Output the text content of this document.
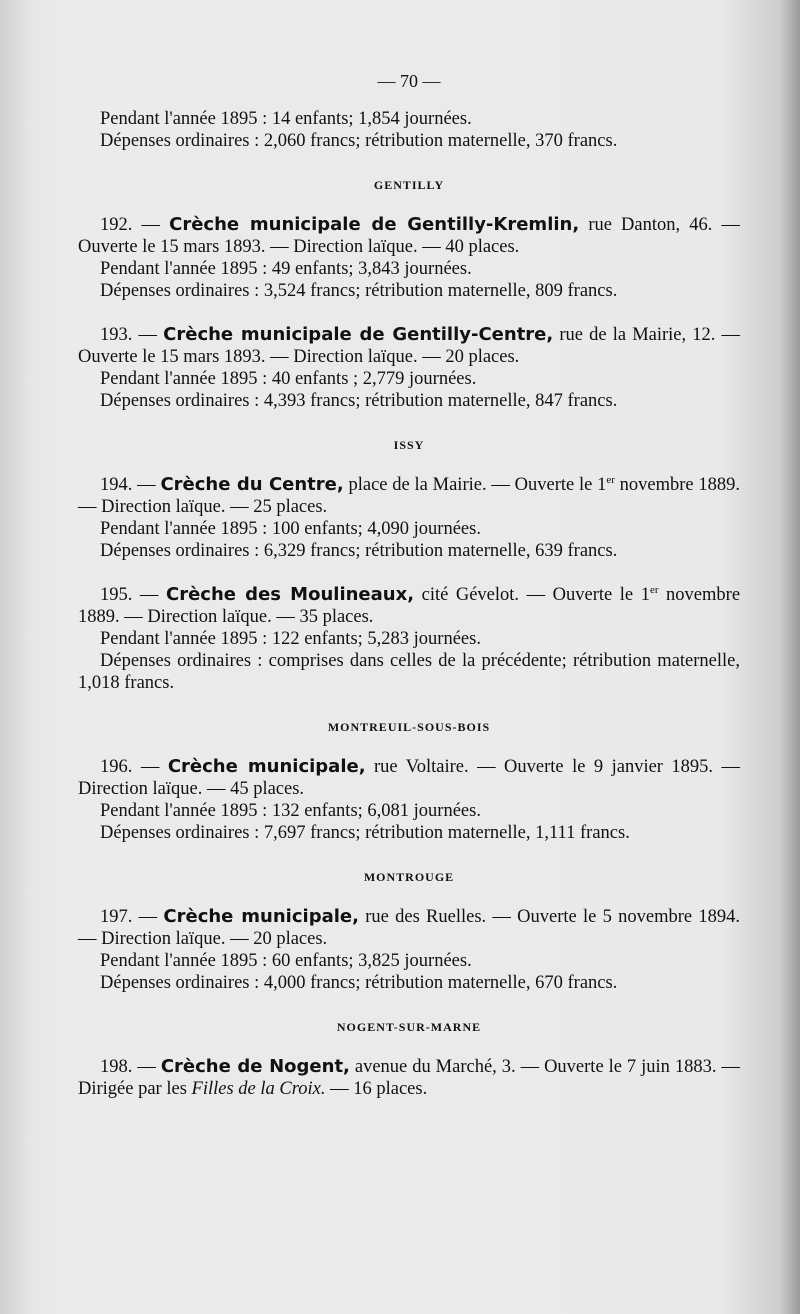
— 70 —

Pendant l'année 1895 : 14 enfants; 1,854 journées.

Dépenses ordinaires : 2,060 francs; rétribution maternelle, 370 francs.

GENTILLY

192. — Crèche municipale de Gentilly-Kremlin, rue Danton, 46. — Ouverte le 15 mars 1893. — Direction laïque. — 40 places.

Pendant l'année 1895 : 49 enfants; 3,843 journées.

Dépenses ordinaires : 3,524 francs; rétribution maternelle, 809 francs.

193. — Crèche municipale de Gentilly-Centre, rue de la Mairie, 12. — Ouverte le 15 mars 1893. — Direction laïque. — 20 places.

Pendant l'année 1895 : 40 enfants ; 2,779 journées.

Dépenses ordinaires : 4,393 francs; rétribution maternelle, 847 francs.

ISSY

194. — Crèche du Centre, place de la Mairie. — Ouverte le 1er novembre 1889. — Direction laïque. — 25 places.

Pendant l'année 1895 : 100 enfants; 4,090 journées.

Dépenses ordinaires : 6,329 francs; rétribution maternelle, 639 francs.

195. — Crèche des Moulineaux, cité Gévelot. — Ouverte le 1er novembre 1889. — Direction laïque. — 35 places.

Pendant l'année 1895 : 122 enfants; 5,283 journées.

Dépenses ordinaires : comprises dans celles de la précédente; rétribution maternelle, 1,018 francs.

MONTREUIL-SOUS-BOIS

196. — Crèche municipale, rue Voltaire. — Ouverte le 9 janvier 1895. — Direction laïque. — 45 places.

Pendant l'année 1895 : 132 enfants; 6,081 journées.

Dépenses ordinaires : 7,697 francs; rétribution maternelle, 1,111 francs.

MONTROUGE

197. — Crèche municipale, rue des Ruelles. — Ouverte le 5 novembre 1894. — Direction laïque. — 20 places.

Pendant l'année 1895 : 60 enfants; 3,825 journées.

Dépenses ordinaires : 4,000 francs; rétribution maternelle, 670 francs.

NOGENT-SUR-MARNE

198. — Crèche de Nogent, avenue du Marché, 3. — Ouverte le 7 juin 1883. — Dirigée par les Filles de la Croix. — 16 places.
